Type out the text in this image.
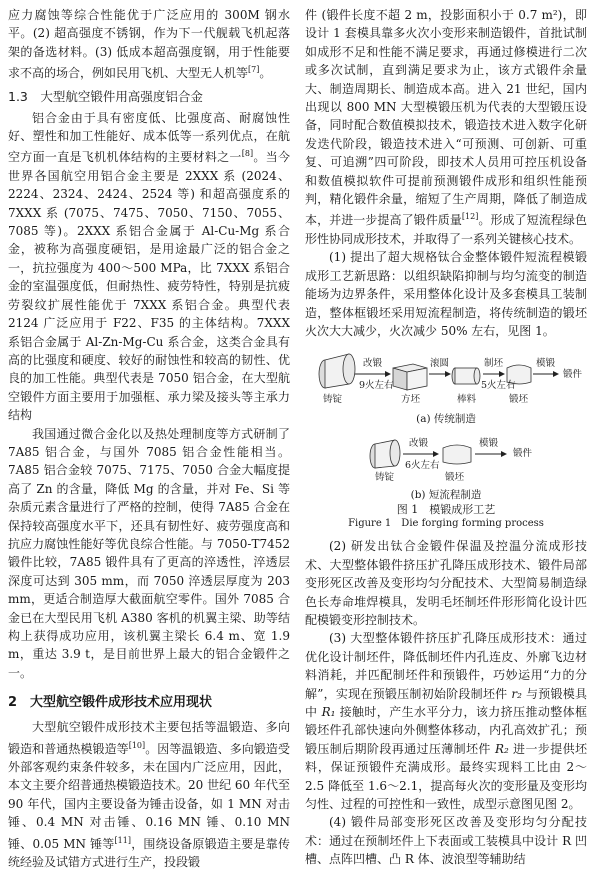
应力腐蚀等综合性能优于广泛应用的 300M 钢水平。(2) 超高强度不锈钢，作为下一代舰载飞机起落架的备选材料。(3) 低成本超高强度钢，用于性能要求不高的场合，例如民用飞机、大型无人机等[7]。

1.3　大型航空锻件用高强度铝合金

铝合金由于具有密度低、比强度高、耐腐蚀性好、塑性和加工性能好、成本低等一系列优点，在航空方面一直是飞机机体结构的主要材料之一[8]。当今世界各国航空用铝合金主要是 2XXX 系 (2024、2224、2324、2424、2524 等) 和超高强度系的 7XXX 系 (7075、7475、7050、7150、7055、7085 等)。2XXX 系铝合金属于 Al-Cu-Mg 系合金，被称为高强度硬铝，是用途最广泛的铝合金之一，抗拉强度为 400～500 MPa，比 7XXX 系铝合金的室温强度低，但耐热性、疲劳特性，特别是抗疲劳裂纹扩展性能优于 7XXX 系铝合金。典型代表 2124 广泛应用于 F22、F35 的主体结构。7XXX 系铝合金属于 Al-Zn-Mg-Cu 系合金，这类合金具有高的比强度和硬度、较好的耐蚀性和较高的韧性、优良的加工性能。典型代表是 7050 铝合金，在大型航空锻件方面主要用于加强框、承力梁及接头等主承力结构

我国通过微合金化以及热处理制度等方式研制了 7A85 铝合金，与国外 7085 铝合金性能相当。7A85 铝合金较 7075、7175、7050 合金大幅度提高了 Zn 的含量，降低 Mg 的含量，并对 Fe、Si 等杂质元素含量进行了严格的控制，使得 7A85 合金在保持较高强度水平下，还具有韧性好、疲劳强度高和抗应力腐蚀性能好等优良综合性能。与 7050-T7452 锻件比较，7A85 锻件具有了更高的淬透性，淬透层深度可达到 305 mm，而 7050 淬透层厚度为 203 mm，更适合制造厚大截面航空零件。国外 7085 合金已在大型民用飞机 A380 客机的机翼主梁、助等结构上获得成功应用，该机翼主梁长 6.4 m、宽 1.9 m，重达 3.9 t，是目前世界上最大的铝合金锻件之一。

2　大型航空锻件成形技术应用现状

大型航空锻件成形技术主要包括等温锻造、多向锻造和普通热模锻造等[10]。因等温锻造、多向锻造受外部客观约束条件较多，未在国内广泛应用，因此，本文主要介绍普通热模锻造技术。20 世纪 60 年代至 90 年代，国内主要设备为锤击设备，如 1 MN 对击锤、0.4 MN 对击锤、0.16 MN 锤、0.10 MN 锤、0.05 MN 锤等[11]，围绕设备原锻造主要是靠传统经验及试错方式进行生产，投段锻

件 (锻件长度不超 2 m，投影面积小于 0.7 m²)，即设计 1 套模具靠多火次小变形来制造锻件，首批试制如成形不足和性能不满足要求，再通过修模进行二次或多次试制，直到满足要求为止，该方式锻件余量大、制造周期长、制造成本高。进入 21 世纪，国内出现以 800 MN 大型模锻压机为代表的大型锻压设备，同时配合数值模拟技术，锻造技术进入数字化研发迭代阶段，锻造技术进入“可预测、可创新、可重复、可追溯”四可阶段，即技术人员用可控压机设备和数值模拟软件可提前预测锻件成形和组织性能预判，精化锻件余量，缩短了生产周期，降低了制造成本，并进一步提高了锻件质量[12]。形成了短流程绿色形性协同成形技术，并取得了一系列关键核心技术。

(1) 提出了超大规格钛合金整体锻件短流程模锻成形工艺新思路：以组织缺陷抑制与均匀流变的制造能场为边界条件，采用整体化设计及多套模具工装制造，整体框锻坯采用短流程制造，将传统制造的锻坯火次大大减少，火次减少 50% 左右，见图 1。

改锻
9火左右
滚圆	制坯
5火左右
模锻
锻件
铸锭	方坯	棒料	锻坯
(a) 传统制造
改锻
6火左右
模锻
锻件
铸锭	锻坯
(b) 短流程制造
图 1　模锻成形工艺
Figure 1　Die forging forming process

(2) 研发出钛合金锻件保温及控温分流成形技术、大型整体锻件挤压扩孔降压成形技术、锻件局部变形死区改善及变形均匀分配技术、大型简易制造绿色长寿命堆焊模具，发明毛坯制坯件形形简化设计匹配模锻变形控制技术。

(3) 大型整体锻件挤压扩孔降压成形技术：通过优化设计制坯件，降低制坯件内孔连皮、外廓飞边材料消耗，并匹配制坯件和预锻件，巧妙运用“力的分解”，实现在预锻压制初始阶段制坯件 r₂ 与预锻模具中 R₁ 接触时，产生水平分力，该力挤压推动整体框锻坯件孔部快速向外侧整体移动，内孔高效扩孔；预锻压制后期阶段再通过压薄制坯件 R₂ 进一步提供坯料，保证预锻件充满成形。最终实现料工比由 2～2.5 降低至 1.6～2.1，提高每火次的变形量及变形均匀性、过程的可控性和一致性，成型示意图见图 2。

(4) 锻件局部变形死区改善及变形均匀分配技术：通过在预制坯件上下表面或工装模具中设计 R 凹槽、点阵凹槽、凸 R 体、波浪型等辅助结
